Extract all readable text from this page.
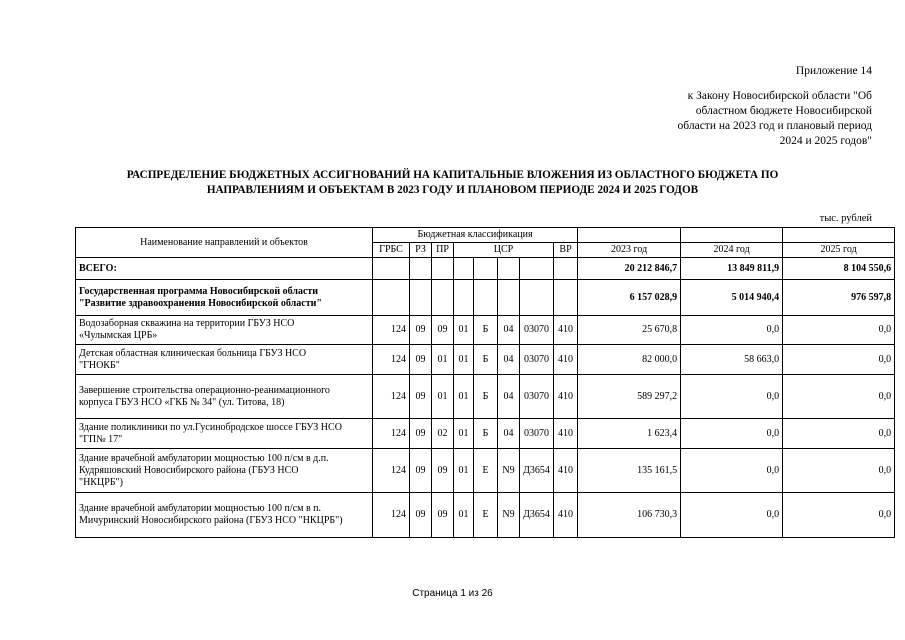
Приложение 14
к Закону Новосибирской области "Об
областном бюджете Новосибирской
области на 2023 год и плановый период
2024 и 2025 годов"
РАСПРЕДЕЛЕНИЕ БЮДЖЕТНЫХ АССИГНОВАНИЙ НА КАПИТАЛЬНЫЕ ВЛОЖЕНИЯ ИЗ ОБЛАСТНОГО БЮДЖЕТА ПО
НАПРАВЛЕНИЯМ И ОБЪЕКТАМ В 2023 ГОДУ И ПЛАНОВОМ ПЕРИОДЕ 2024 И 2025 ГОДОВ
тыс. рублей
Наименование направлений и объектов	Бюджетная классификация										
	ГРБС	РЗ	ПР	ЦСР				ВР	2023 год	2024 год	2025 год
ВСЕГО:									20 212 846,7	13 849 811,9	8 104 550,6

Государственная программа Новосибирской области
"Развитие здравоохранения Новосибирской области"									6 157 028,9	5 014 940,4	976 597,8

Водозаборная скважина на территории ГБУЗ НСО
«Чулымская ЦРБ»	124	09	09	01	Б	04	03070	410	25 670,8	0,0	0,0

Детская областная клиническая больница ГБУЗ НСО
"ГНОКБ"	124	09	01	01	Б	04	03070	410	82 000,0	58 663,0	0,0

Завершение строительства операционно-реанимационного
корпуса ГБУЗ НСО «ГКБ № 34" (ул. Титова, 18)	124	09	01	01	Б	04	03070	410	589 297,2	0,0	0,0

Здание поликлиники по ул.Гусинобродское шоссе ГБУЗ НСО
"ГП№ 17"	124	09	02	01	Б	04	03070	410	1 623,4	0,0	0,0

Здание врачебной амбулатории мощностью 100 п/см в д.п.
Кудряшовский Новосибирского района (ГБУЗ НСО
"НКЦРБ")	124	09	09	01	Е	N9	Д3654	410	135 161,5	0,0	0,0

Здание врачебной амбулатории мощностью 100 п/см в п.
Мичуринский Новосибирского района (ГБУЗ НСО "НКЦРБ")	124	09	09	01	Е	N9	Д3654	410	106 730,3	0,0	0,0
Страница 1 из 26
